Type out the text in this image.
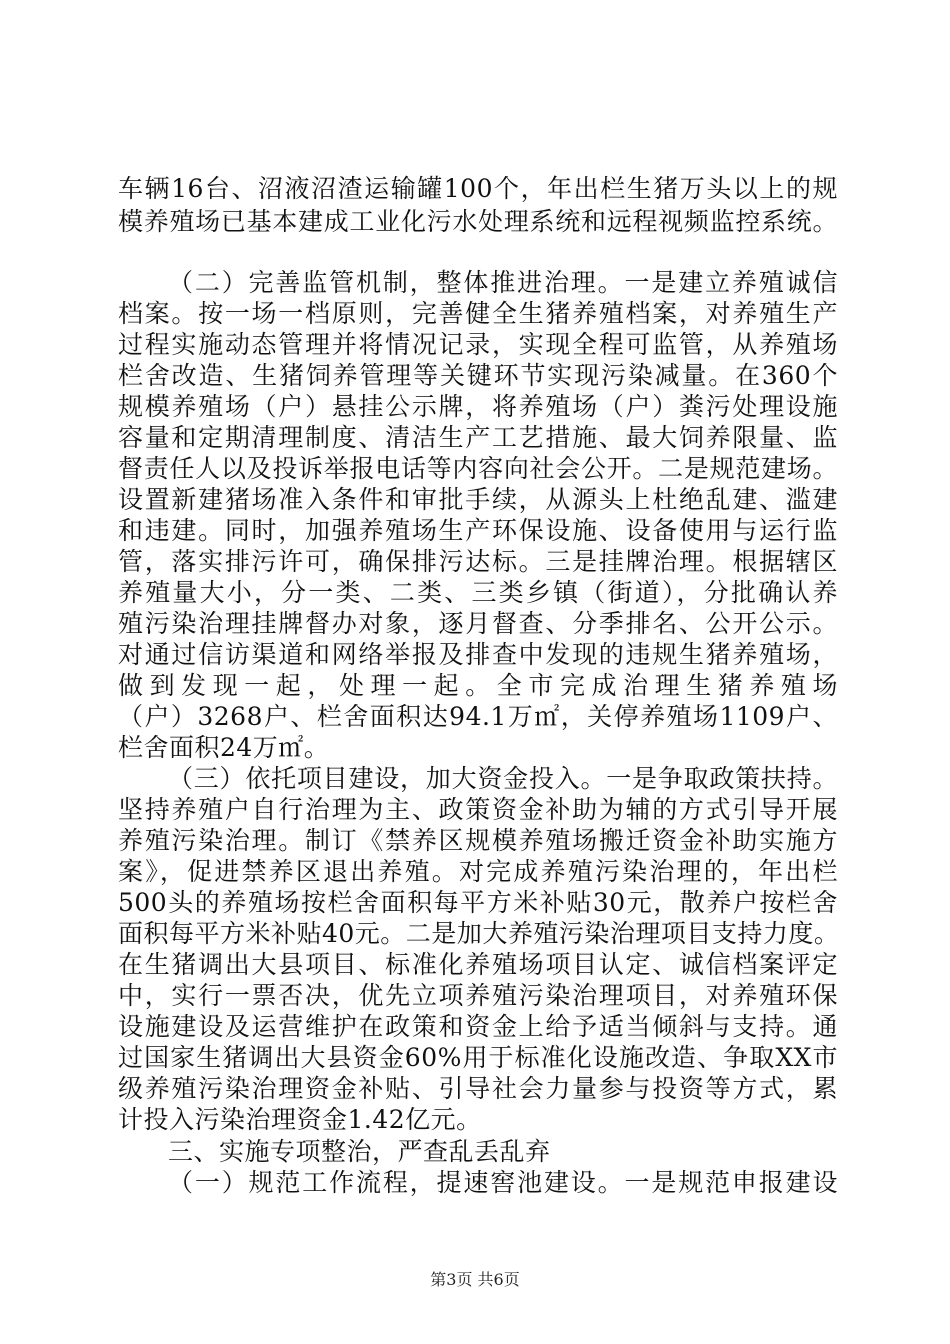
车辆16台、沼液沼渣运输罐100个，年出栏生猪万头以上的规
模养殖场已基本建成工业化污水处理系统和远程视频监控系统。
（二）完善监管机制，整体推进治理。一是建立养殖诚信
档案。按一场一档原则，完善健全生猪养殖档案，对养殖生产
过程实施动态管理并将情况记录，实现全程可监管，从养殖场
栏舍改造、生猪饲养管理等关键环节实现污染减量。在360个
规模养殖场（户）悬挂公示牌，将养殖场（户）粪污处理设施
容量和定期清理制度、清洁生产工艺措施、最大饲养限量、监
督责任人以及投诉举报电话等内容向社会公开。二是规范建场。
设置新建猪场准入条件和审批手续，从源头上杜绝乱建、滥建
和违建。同时，加强养殖场生产环保设施、设备使用与运行监
管，落实排污许可，确保排污达标。三是挂牌治理。根据辖区
养殖量大小，分一类、二类、三类乡镇（街道），分批确认养
殖污染治理挂牌督办对象，逐月督查、分季排名、公开公示。
对通过信访渠道和网络举报及排查中发现的违规生猪养殖场，
做到发现一起，处理一起。全市完成治理生猪养殖场
（户）3268户、栏舍面积达94.1万㎡，关停养殖场1109户、
栏舍面积24万㎡。
（三）依托项目建设，加大资金投入。一是争取政策扶持。
坚持养殖户自行治理为主、政策资金补助为辅的方式引导开展
养殖污染治理。制订《禁养区规模养殖场搬迁资金补助实施方
案》，促进禁养区退出养殖。对完成养殖污染治理的，年出栏
500头的养殖场按栏舍面积每平方米补贴30元，散养户按栏舍
面积每平方米补贴40元。二是加大养殖污染治理项目支持力度。
在生猪调出大县项目、标准化养殖场项目认定、诚信档案评定
中，实行一票否决，优先立项养殖污染治理项目，对养殖环保
设施建设及运营维护在政策和资金上给予适当倾斜与支持。通
过国家生猪调出大县资金60%用于标准化设施改造、争取XX市
级养殖污染治理资金补贴、引导社会力量参与投资等方式，累
计投入污染治理资金1.42亿元。
三、实施专项整治，严查乱丢乱弃
（一）规范工作流程，提速窖池建设。一是规范申报建设
第3页 共6页
